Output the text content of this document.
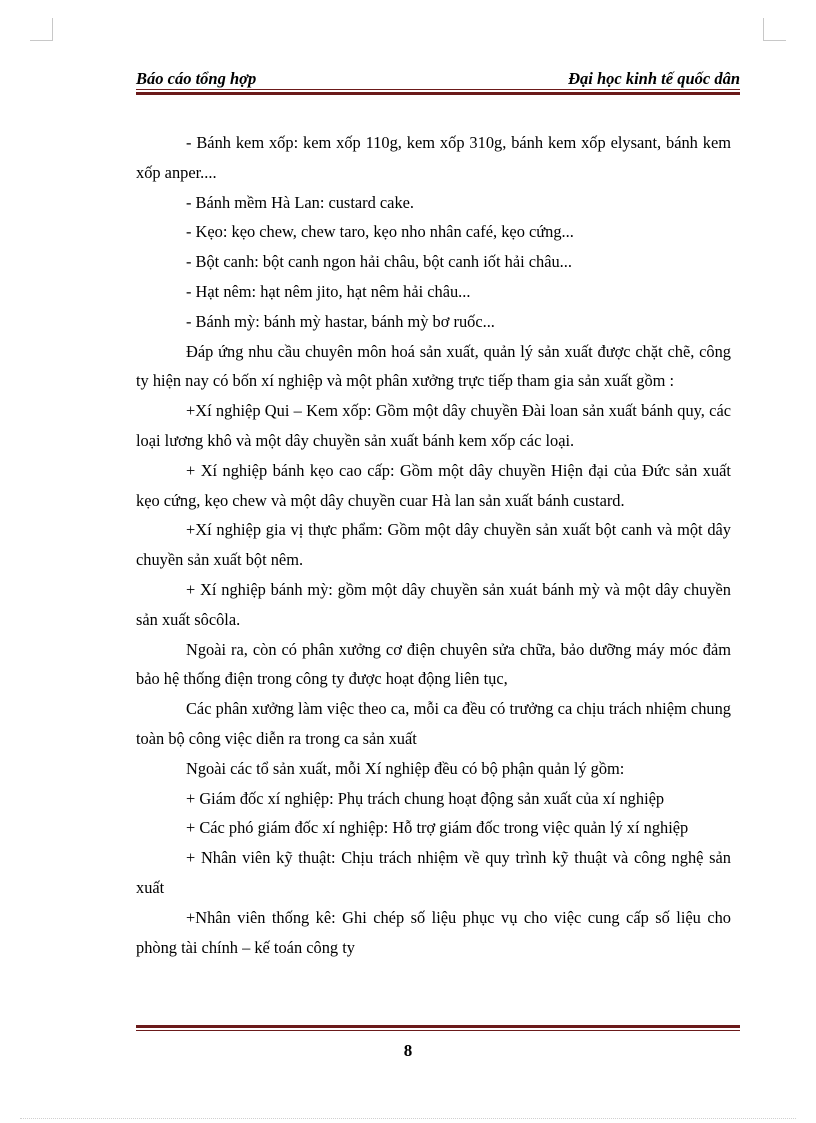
Báo cáo tổng hợp	Đại học kinh tế quốc dân

- Bánh kem xốp: kem xốp 110g, kem xốp 310g, bánh kem xốp elysant, bánh kem xốp anper....

- Bánh mềm Hà Lan: custard cake.

- Kẹo: kẹo chew, chew taro, kẹo nho nhân café, kẹo cứng...

- Bột canh: bột canh ngon hải châu, bột canh iốt hải châu...

- Hạt nêm: hạt nêm jito, hạt nêm hải châu...

- Bánh mỳ: bánh mỳ hastar, bánh mỳ bơ ruốc...

Đáp ứng nhu cầu chuyên môn hoá sản xuất, quản lý sản xuất được chặt chẽ, công ty hiện nay có bốn xí nghiệp và một phân xưởng trực tiếp tham gia sản xuất gồm :

+Xí nghiệp Qui – Kem xốp: Gồm một dây chuyền Đài loan sản xuất bánh quy, các loại lương khô và một dây chuyền sản xuất bánh kem xốp các loại.

+ Xí nghiệp bánh kẹo cao cấp: Gồm một dây chuyền Hiện đại của Đức sản xuất kẹo cứng, kẹo chew và một dây chuyền cuar Hà lan sản xuất bánh custard.

+Xí nghiệp gia vị thực phẩm: Gồm một dây chuyền sản xuất bột canh và một dây chuyền sản xuất bột nêm.

+ Xí nghiệp bánh mỳ: gồm một dây chuyền sản xuát bánh mỳ và một dây chuyền sản xuất sôcôla.

Ngoài ra, còn có phân xưởng cơ điện chuyên sửa chữa, bảo dưỡng máy móc đảm bảo hệ thống điện trong công ty được hoạt động liên tục,

Các phân xưởng làm việc theo ca, mỗi ca đều có trưởng ca chịu trách nhiệm chung toàn bộ công việc diễn ra trong ca sản xuất

Ngoài các tổ sản xuất, mỗi Xí nghiệp đều có bộ phận quản lý gồm:

+ Giám đốc xí nghiệp: Phụ trách chung hoạt động sản xuất của xí nghiệp

+ Các phó giám đốc xí nghiệp: Hỗ trợ giám đốc trong việc quản lý xí nghiệp

+ Nhân viên kỹ thuật: Chịu trách nhiệm về quy trình kỹ thuật và công nghệ sản xuất

+Nhân viên thống kê: Ghi chép số liệu phục vụ cho việc cung cấp số liệu cho phòng tài chính – kế toán công ty

8
